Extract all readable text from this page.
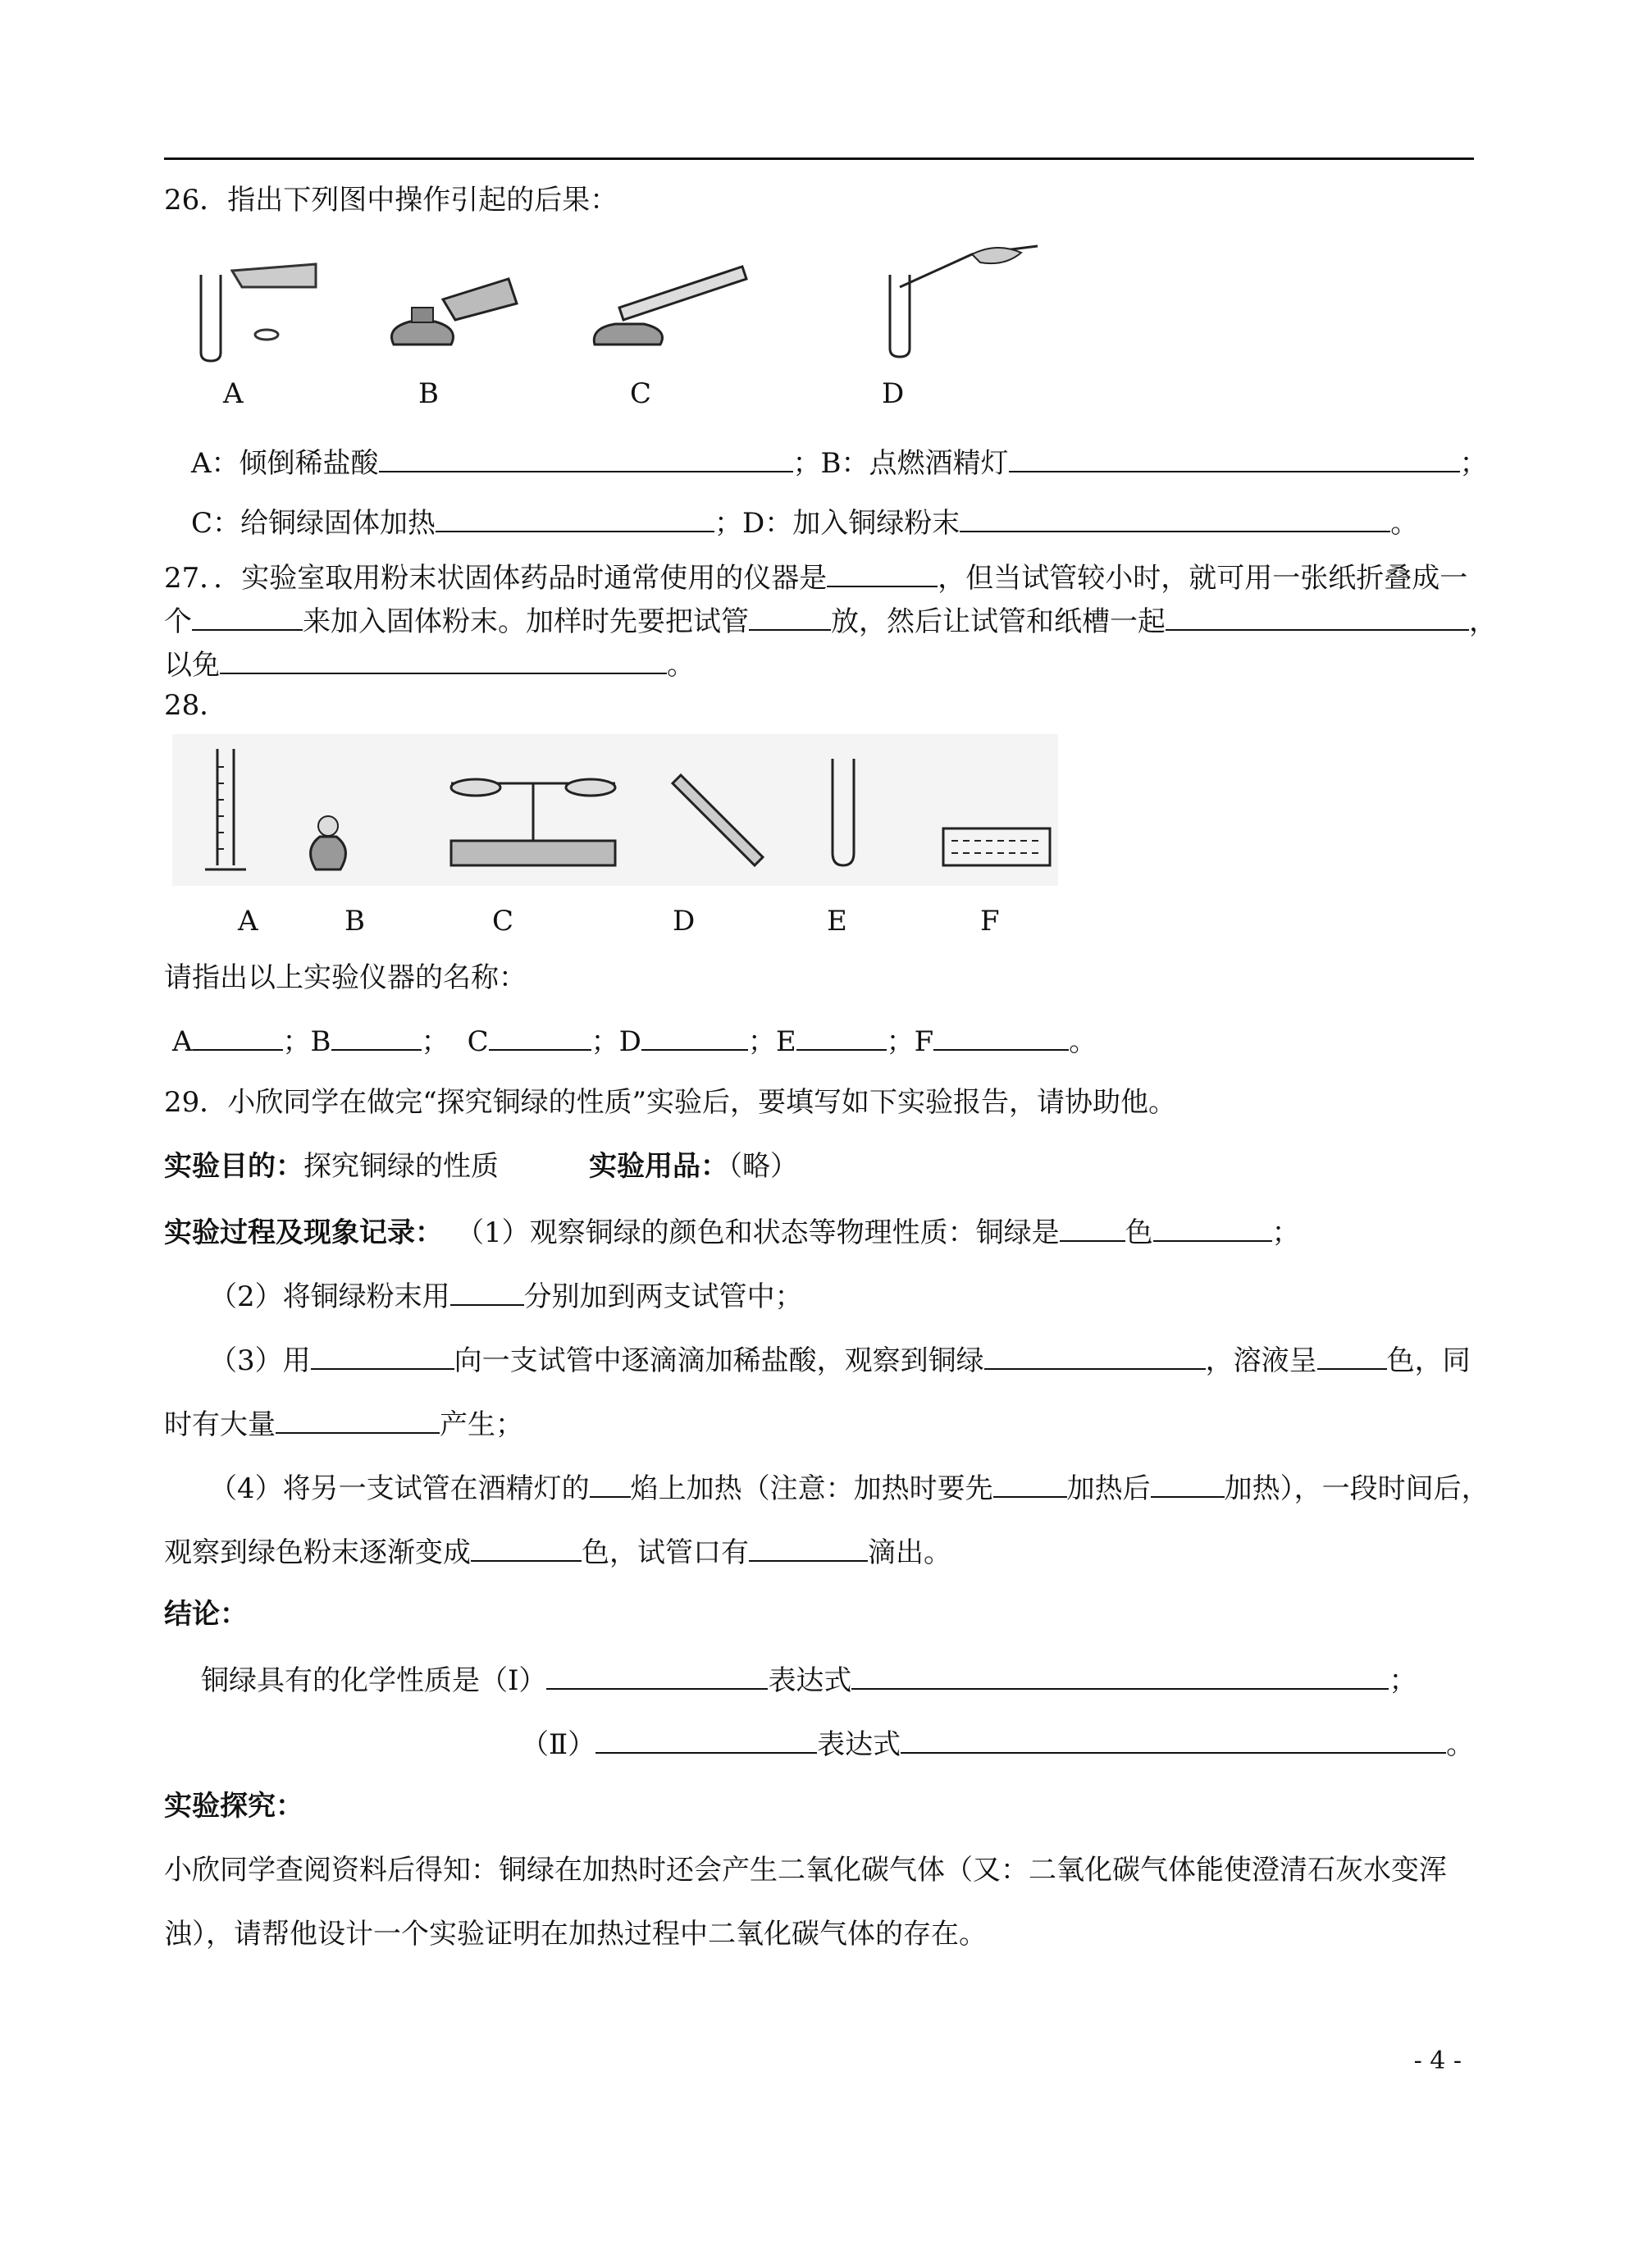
26．指出下列图中操作引起的后果：
A	B	C	D
A：倾倒稀盐酸	；B：点燃酒精灯	；
C：给铜绿固体加热	；D：加入铜绿粉末	。
27．．实验室取用粉末状固体药品时通常使用的仪器是	，但当试管较小时，就可用一张纸折叠成一
个	来加入固体粉末。加样时先要把试管	放，然后让试管和纸槽一起	，
以免	。
28．
A	B	C	D	E	F
请指出以上实验仪器的名称：
A	；B	； C	；D	；E	；F	。
29．小欣同学在做完“探究铜绿的性质”实验后，要填写如下实验报告，请协助他。
实验目的：探究铜绿的性质	实验用品：（略）
实验过程及现象记录： （1）观察铜绿的颜色和状态等物理性质：铜绿是 色	；
（2）将铜绿粉末用	分别加到两支试管中；
（3）用	向一支试管中逐滴滴加稀盐酸，观察到铜绿	，溶液呈	色，同
时有大量	产生；
（4）将另一支试管在酒精灯的 焰上加热（注意：加热时要先	加热后	加热），一段时间后，
观察到绿色粉末逐渐变成	色，试管口有	滴出。
结论：
铜绿具有的化学性质是（Ⅰ）	表达式	；
（Ⅱ）	表达式	。
实验探究：
小欣同学查阅资料后得知：铜绿在加热时还会产生二氧化碳气体（又：二氧化碳气体能使澄清石灰水变浑
浊），请帮他设计一个实验证明在加热过程中二氧化碳气体的存在。
- 4 -
